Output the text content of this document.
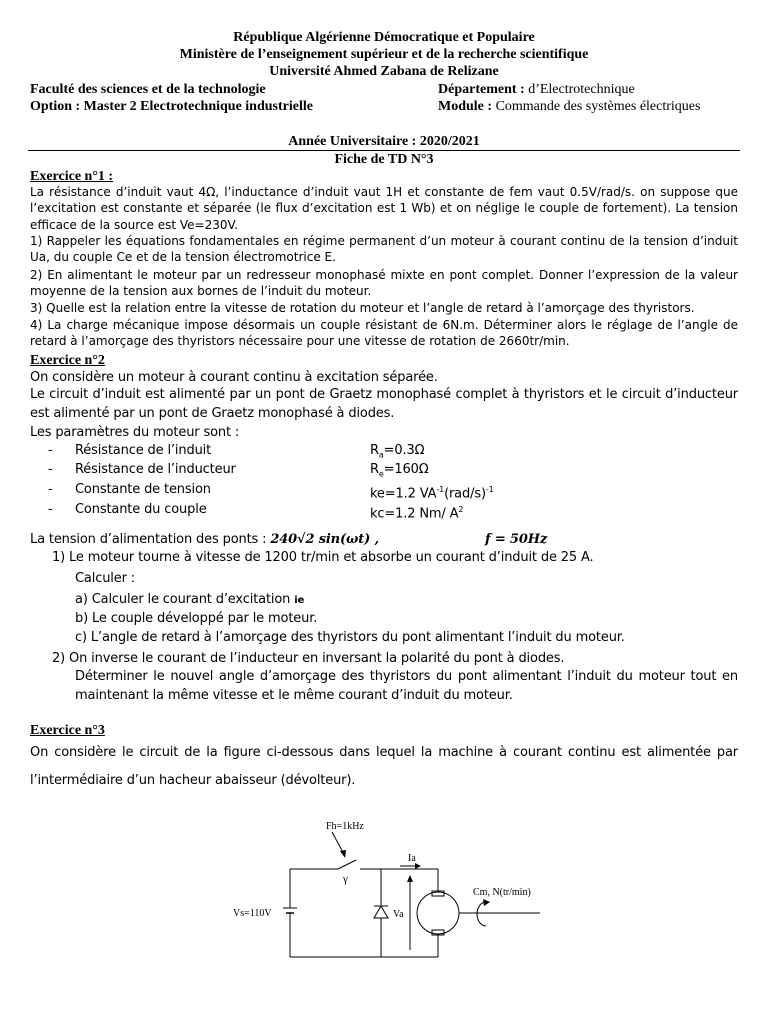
République Algérienne Démocratique et Populaire
Ministère de l’enseignement supérieur et de la recherche scientifique
Université Ahmed Zabana de Relizane
Faculté des sciences et de la technologie	Département : d’Electrotechnique
Option : Master 2 Electrotechnique industrielle	Module : Commande des systèmes électriques
Année Universitaire : 2020/2021
Fiche de TD N°3
Exercice n°1 :
La résistance d’induit vaut 4Ω, l’inductance d’induit vaut 1H et constante de fem vaut 0.5V/rad/s. on suppose que l’excitation est constante et séparée (le flux d’excitation est 1 Wb) et on néglige le couple de fortement). La tension efficace de la source est Ve=230V.
1) Rappeler les équations fondamentales en régime permanent d’un moteur à courant continu de la tension d’induit Ua, du couple Ce et de la tension électromotrice E.
2) En alimentant le moteur par un redresseur monophasé mixte en pont complet. Donner l’expression de la valeur moyenne de la tension aux bornes de l’induit du moteur.
3) Quelle est la relation entre la vitesse de rotation du moteur et l’angle de retard à l’amorçage des thyristors.
4) La charge mécanique impose désormais un couple résistant de 6N.m. Déterminer alors le réglage de l’angle de retard à l’amorçage des thyristors nécessaire pour une vitesse de rotation de 2660tr/min.
Exercice n°2
On considère un moteur à courant continu à excitation séparée.
Le circuit d’induit est alimenté par un pont de Graetz monophasé complet à thyristors et le circuit d’inducteur est alimenté par un pont de Graetz monophasé à diodes.
Les paramètres du moteur sont :
- Résistance de l’induit	$R_a=0.3\Omega$
- Résistance de l’inducteur	$R_e=160\Omega$
- Constante de tension	ke=1.2 $VA^{-1}(rad/s)^{-1}$
- Constante du couple	kc=1.2 Nm/ $A^2$
La tension d’alimentation des ponts : 240√2 sin(ωt) ,	f = 50Hz
1) Le moteur tourne à vitesse de 1200 tr/min et absorbe un courant d’induit de 25 A.
Calculer :
a) Calculer le courant d’excitation ie
b) Le couple développé par le moteur.
c) L’angle de retard à l’amorçage des thyristors du pont alimentant l’induit du moteur.
2) On inverse le courant de l’inducteur en inversant la polarité du pont à diodes.
Déterminer le nouvel angle d’amorçage des thyristors du pont alimentant l’induit du moteur tout en maintenant la même vitesse et le même courant d’induit du moteur.
Exercice n°3
On considère le circuit de la figure ci-dessous dans lequel la machine à courant continu est alimentée par l’intermédiaire d’un hacheur abaisseur (dévolteur).
Fh=1kHz
γ
Vs=110V
Ia
Va
Cm, N(tr/min)
